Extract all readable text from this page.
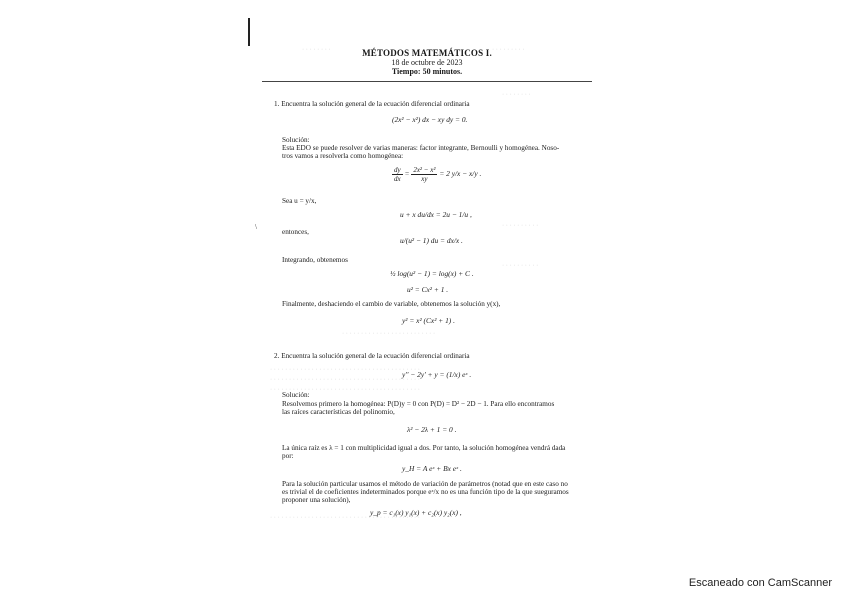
\
· · · · · · · ·	· · · · · · · · ·
· · · · · · · ·
· · · · · · · · · ·
· · · · · · · · · ·
· · · · · · · · · · · · · · · · · · · · · · · · ·
· · · · · · · · · · · · · · · · · · · · · · · · · · · · · · · · · · · · · · · ·
· · · · · · · · · · · · · · · · · · · · · · · · · · · · · · · · · · · · · · · ·
· · · · · · · · · · · · · · · · · · · · · · · · · · · · · · · · · · · · · · · ·
· · · · · · · · · · · · · · · · · · · · · · · · · · · · · · · · · · · · · · · ·
MÉTODOS MATEMÁTICOS I.
18 de octubre de 2023
Tiempo: 50 minutos.
1. Encuentra la solución general de la ecuación diferencial ordinaria
(2x² − x²) dx − xy dy = 0.
Solución:
Esta EDO se puede resolver de varias maneras: factor integrante, Bernoulli y homogénea. Noso-
tros vamos a resolverla como homogénea:
$\frac{dy}{dx} = \frac{\text{2x² − x²}}{xy} = 2$ y/x − x/y .
Sea u = y/x,
u + x du/dx = 2u − 1/u ,
entonces,
u/(u² − 1) du = dx/x .
Integrando, obtenemos
½ log(u² − 1) = log(x) + C .
u² = Cx² + 1 .
Finalmente, deshaciendo el cambio de variable, obtenemos la solución y(x),
y² = x² (Cx² + 1) .
2. Encuentra la solución general de la ecuación diferencial ordinaria
y'' − 2y' + y = (1/x) eˣ .
Solución:
Resolvemos primero la homogénea: P(D)y = 0 con P(D) = D² − 2D − 1. Para ello encontramos
las raíces características del polinomio,
λ² − 2λ + 1 = 0 .
La única raíz es λ = 1 con multiplicidad igual a dos. Por tanto, la solución homogénea vendrá dada
por:
y_H = A eˣ + Bx eˣ .
Para la solución particular usamos el método de variación de parámetros (notad que en este caso no
es trivial el de coeficientes indeterminados porque eˣ/x no es una función tipo de la que sueguramos
proponer una solución),
y_p = c₁(x) y₁(x) + c₂(x) y₂(x) ,
Escaneado con CamScanner
